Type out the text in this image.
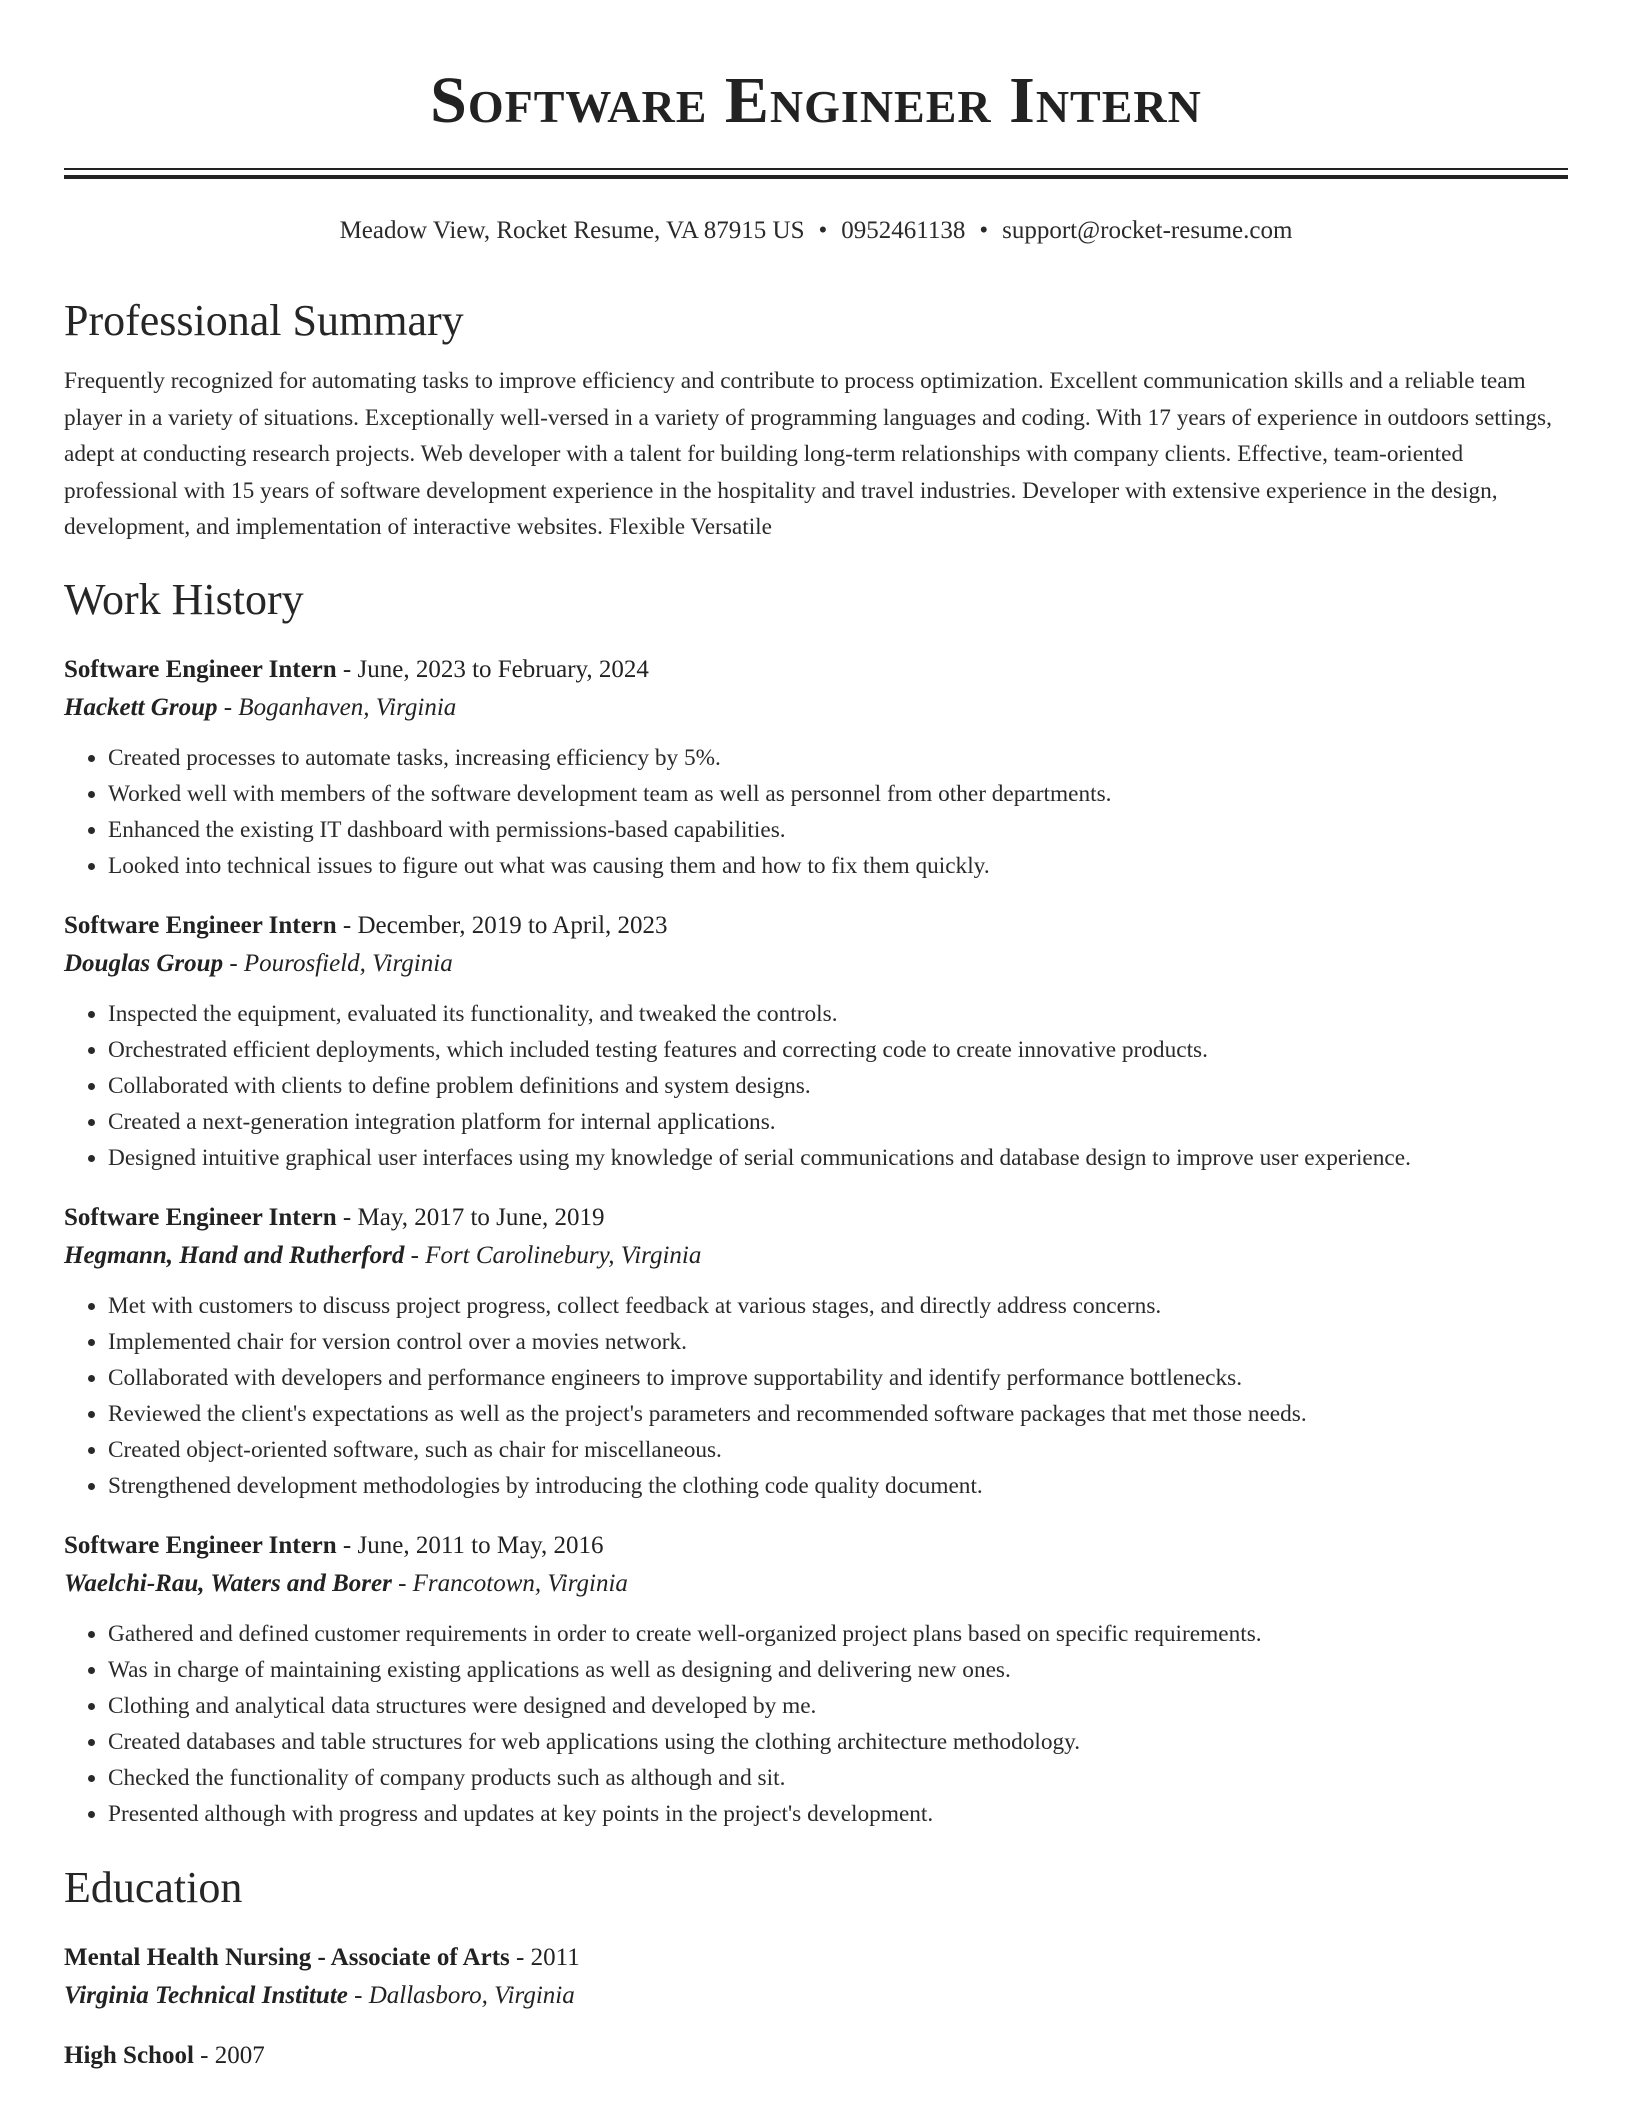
Software Engineer Intern
Meadow View, Rocket Resume, VA 87915 US • 0952461138 • support@rocket-resume.com
Professional Summary

Frequently recognized for automating tasks to improve efficiency and contribute to process optimization. Excellent communication skills and a reliable team player in a variety of situations. Exceptionally well-versed in a variety of programming languages and coding. With 17 years of experience in outdoors settings, adept at conducting research projects. Web developer with a talent for building long-term relationships with company clients. Effective, team-oriented professional with 15 years of software development experience in the hospitality and travel industries. Developer with extensive experience in the design, development, and implementation of interactive websites. Flexible Versatile

Work History
Software Engineer Intern - June, 2023 to February, 2024
Hackett Group - Boganhaven, Virginia
• Created processes to automate tasks, increasing efficiency by 5%.
• Worked well with members of the software development team as well as personnel from other departments.
• Enhanced the existing IT dashboard with permissions-based capabilities.
• Looked into technical issues to figure out what was causing them and how to fix them quickly.
Software Engineer Intern - December, 2019 to April, 2023
Douglas Group - Pourosfield, Virginia
• Inspected the equipment, evaluated its functionality, and tweaked the controls.
• Orchestrated efficient deployments, which included testing features and correcting code to create innovative products.
• Collaborated with clients to define problem definitions and system designs.
• Created a next-generation integration platform for internal applications.
• Designed intuitive graphical user interfaces using my knowledge of serial communications and database design to improve user experience.
Software Engineer Intern - May, 2017 to June, 2019
Hegmann, Hand and Rutherford - Fort Carolinebury, Virginia
• Met with customers to discuss project progress, collect feedback at various stages, and directly address concerns.
• Implemented chair for version control over a movies network.
• Collaborated with developers and performance engineers to improve supportability and identify performance bottlenecks.
• Reviewed the client's expectations as well as the project's parameters and recommended software packages that met those needs.
• Created object-oriented software, such as chair for miscellaneous.
• Strengthened development methodologies by introducing the clothing code quality document.
Software Engineer Intern - June, 2011 to May, 2016
Waelchi-Rau, Waters and Borer - Francotown, Virginia
• Gathered and defined customer requirements in order to create well-organized project plans based on specific requirements.
• Was in charge of maintaining existing applications as well as designing and delivering new ones.
• Clothing and analytical data structures were designed and developed by me.
• Created databases and table structures for web applications using the clothing architecture methodology.
• Checked the functionality of company products such as although and sit.
• Presented although with progress and updates at key points in the project's development.
Education
Mental Health Nursing - Associate of Arts - 2011
Virginia Technical Institute - Dallasboro, Virginia
High School - 2007
